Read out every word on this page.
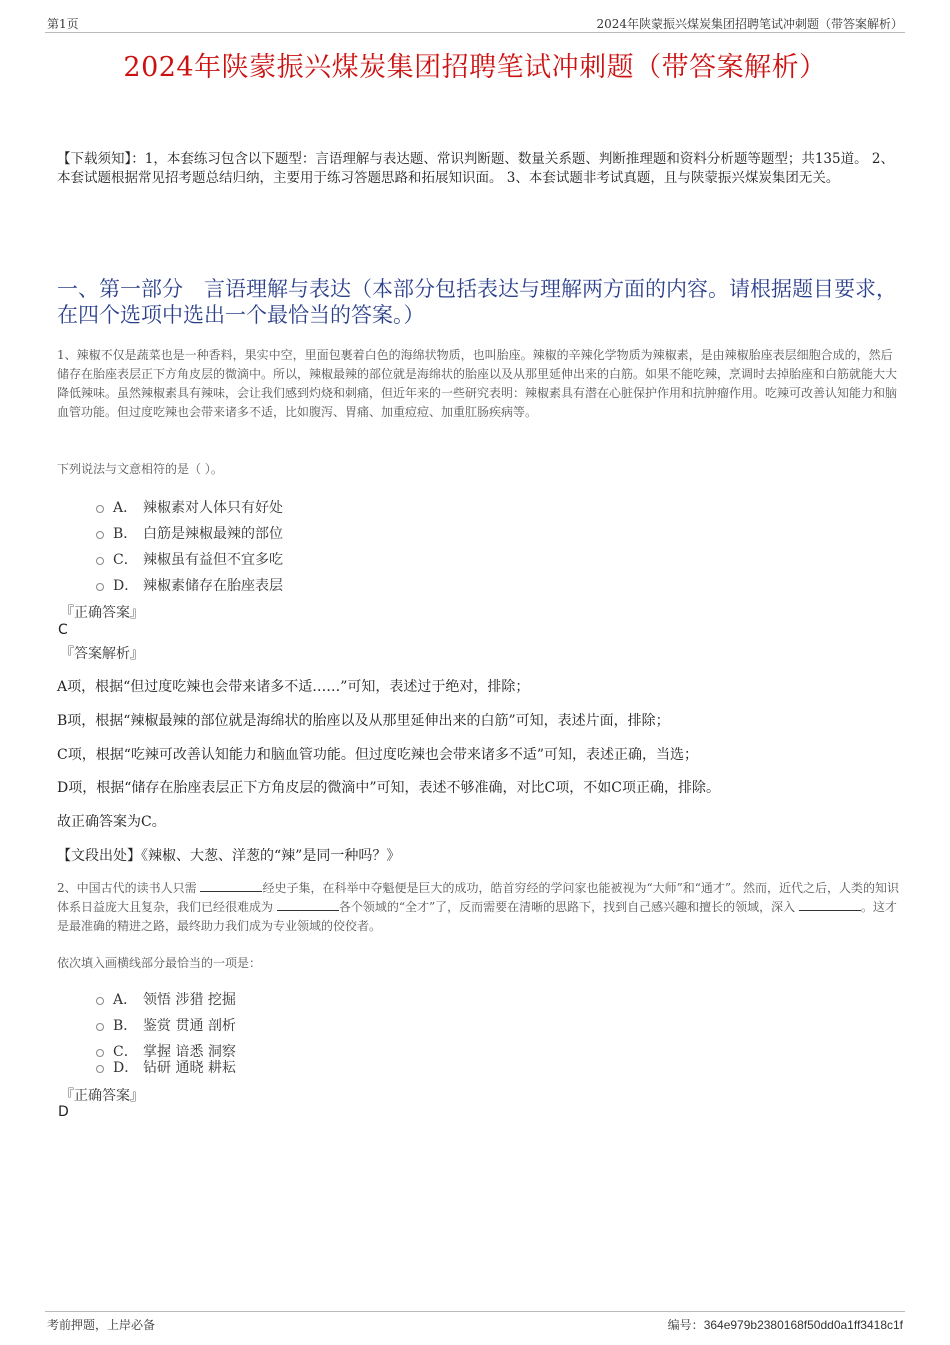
第1页	2024年陕蒙振兴煤炭集团招聘笔试冲刺题（带答案解析）
2024年陕蒙振兴煤炭集团招聘笔试冲刺题（带答案解析）
【下载须知】：1，本套练习包含以下题型：言语理解与表达题、常识判断题、数量关系题、判断推理题和资料分析题等题型；共135道。 2、本套试题根据常见招考题总结归纳，主要用于练习答题思路和拓展知识面。 3、本套试题非考试真题，且与陕蒙振兴煤炭集团无关。
一、第一部分　言语理解与表达（本部分包括表达与理解两方面的内容。请根据题目要求，在四个选项中选出一个最恰当的答案。）
1、辣椒不仅是蔬菜也是一种香料，果实中空，里面包裹着白色的海绵状物质，也叫胎座。辣椒的辛辣化学物质为辣椒素，是由辣椒胎座表层细胞合成的，然后储存在胎座表层正下方角皮层的微滴中。所以，辣椒最辣的部位就是海绵状的胎座以及从那里延伸出来的白筋。如果不能吃辣，烹调时去掉胎座和白筋就能大大降低辣味。虽然辣椒素具有辣味，会让我们感到灼烧和刺痛，但近年来的一些研究表明：辣椒素具有潜在心脏保护作用和抗肿瘤作用。吃辣可改善认知能力和脑血管功能。但过度吃辣也会带来诸多不适，比如腹泻、胃痛、加重痘痘、加重肛肠疾病等。
下列说法与文意相符的是（ ）。
A． 辣椒素对人体只有好处
B． 白筋是辣椒最辣的部位
C． 辣椒虽有益但不宜多吃
D． 辣椒素储存在胎座表层
『正确答案』
C
『答案解析』
A项，根据“但过度吃辣也会带来诸多不适……”可知，表述过于绝对，排除；
B项，根据“辣椒最辣的部位就是海绵状的胎座以及从那里延伸出来的白筋”可知，表述片面，排除；
C项，根据“吃辣可改善认知能力和脑血管功能。但过度吃辣也会带来诸多不适”可知，表述正确，当选；
D项，根据“储存在胎座表层正下方角皮层的微滴中”可知，表述不够准确，对比C项，不如C项正确，排除。
故正确答案为C。
【文段出处】《辣椒、大葱、洋葱的“辣”是同一种吗？》
2、中国古代的读书人只需	经史子集，在科举中夺魁便是巨大的成功，皓首穷经的学问家也能被视为“大师”和“通才”。然而，近代之后，人类的知识体系日益庞大且复杂，我们已经很难成为	各个领域的“全才”了，反而需要在清晰的思路下，找到自己感兴趣和擅长的领域，深入	。这才是最准确的精进之路，最终助力我们成为专业领域的佼佼者。
依次填入画横线部分最恰当的一项是：
A． 领悟 涉猎 挖掘
B． 鉴赏 贯通 剖析
C． 掌握 谙悉 洞察
D． 钻研 通晓 耕耘
『正确答案』
D
考前押题，上岸必备	编号：364e979b2380168f50dd0a1ff3418c1f
